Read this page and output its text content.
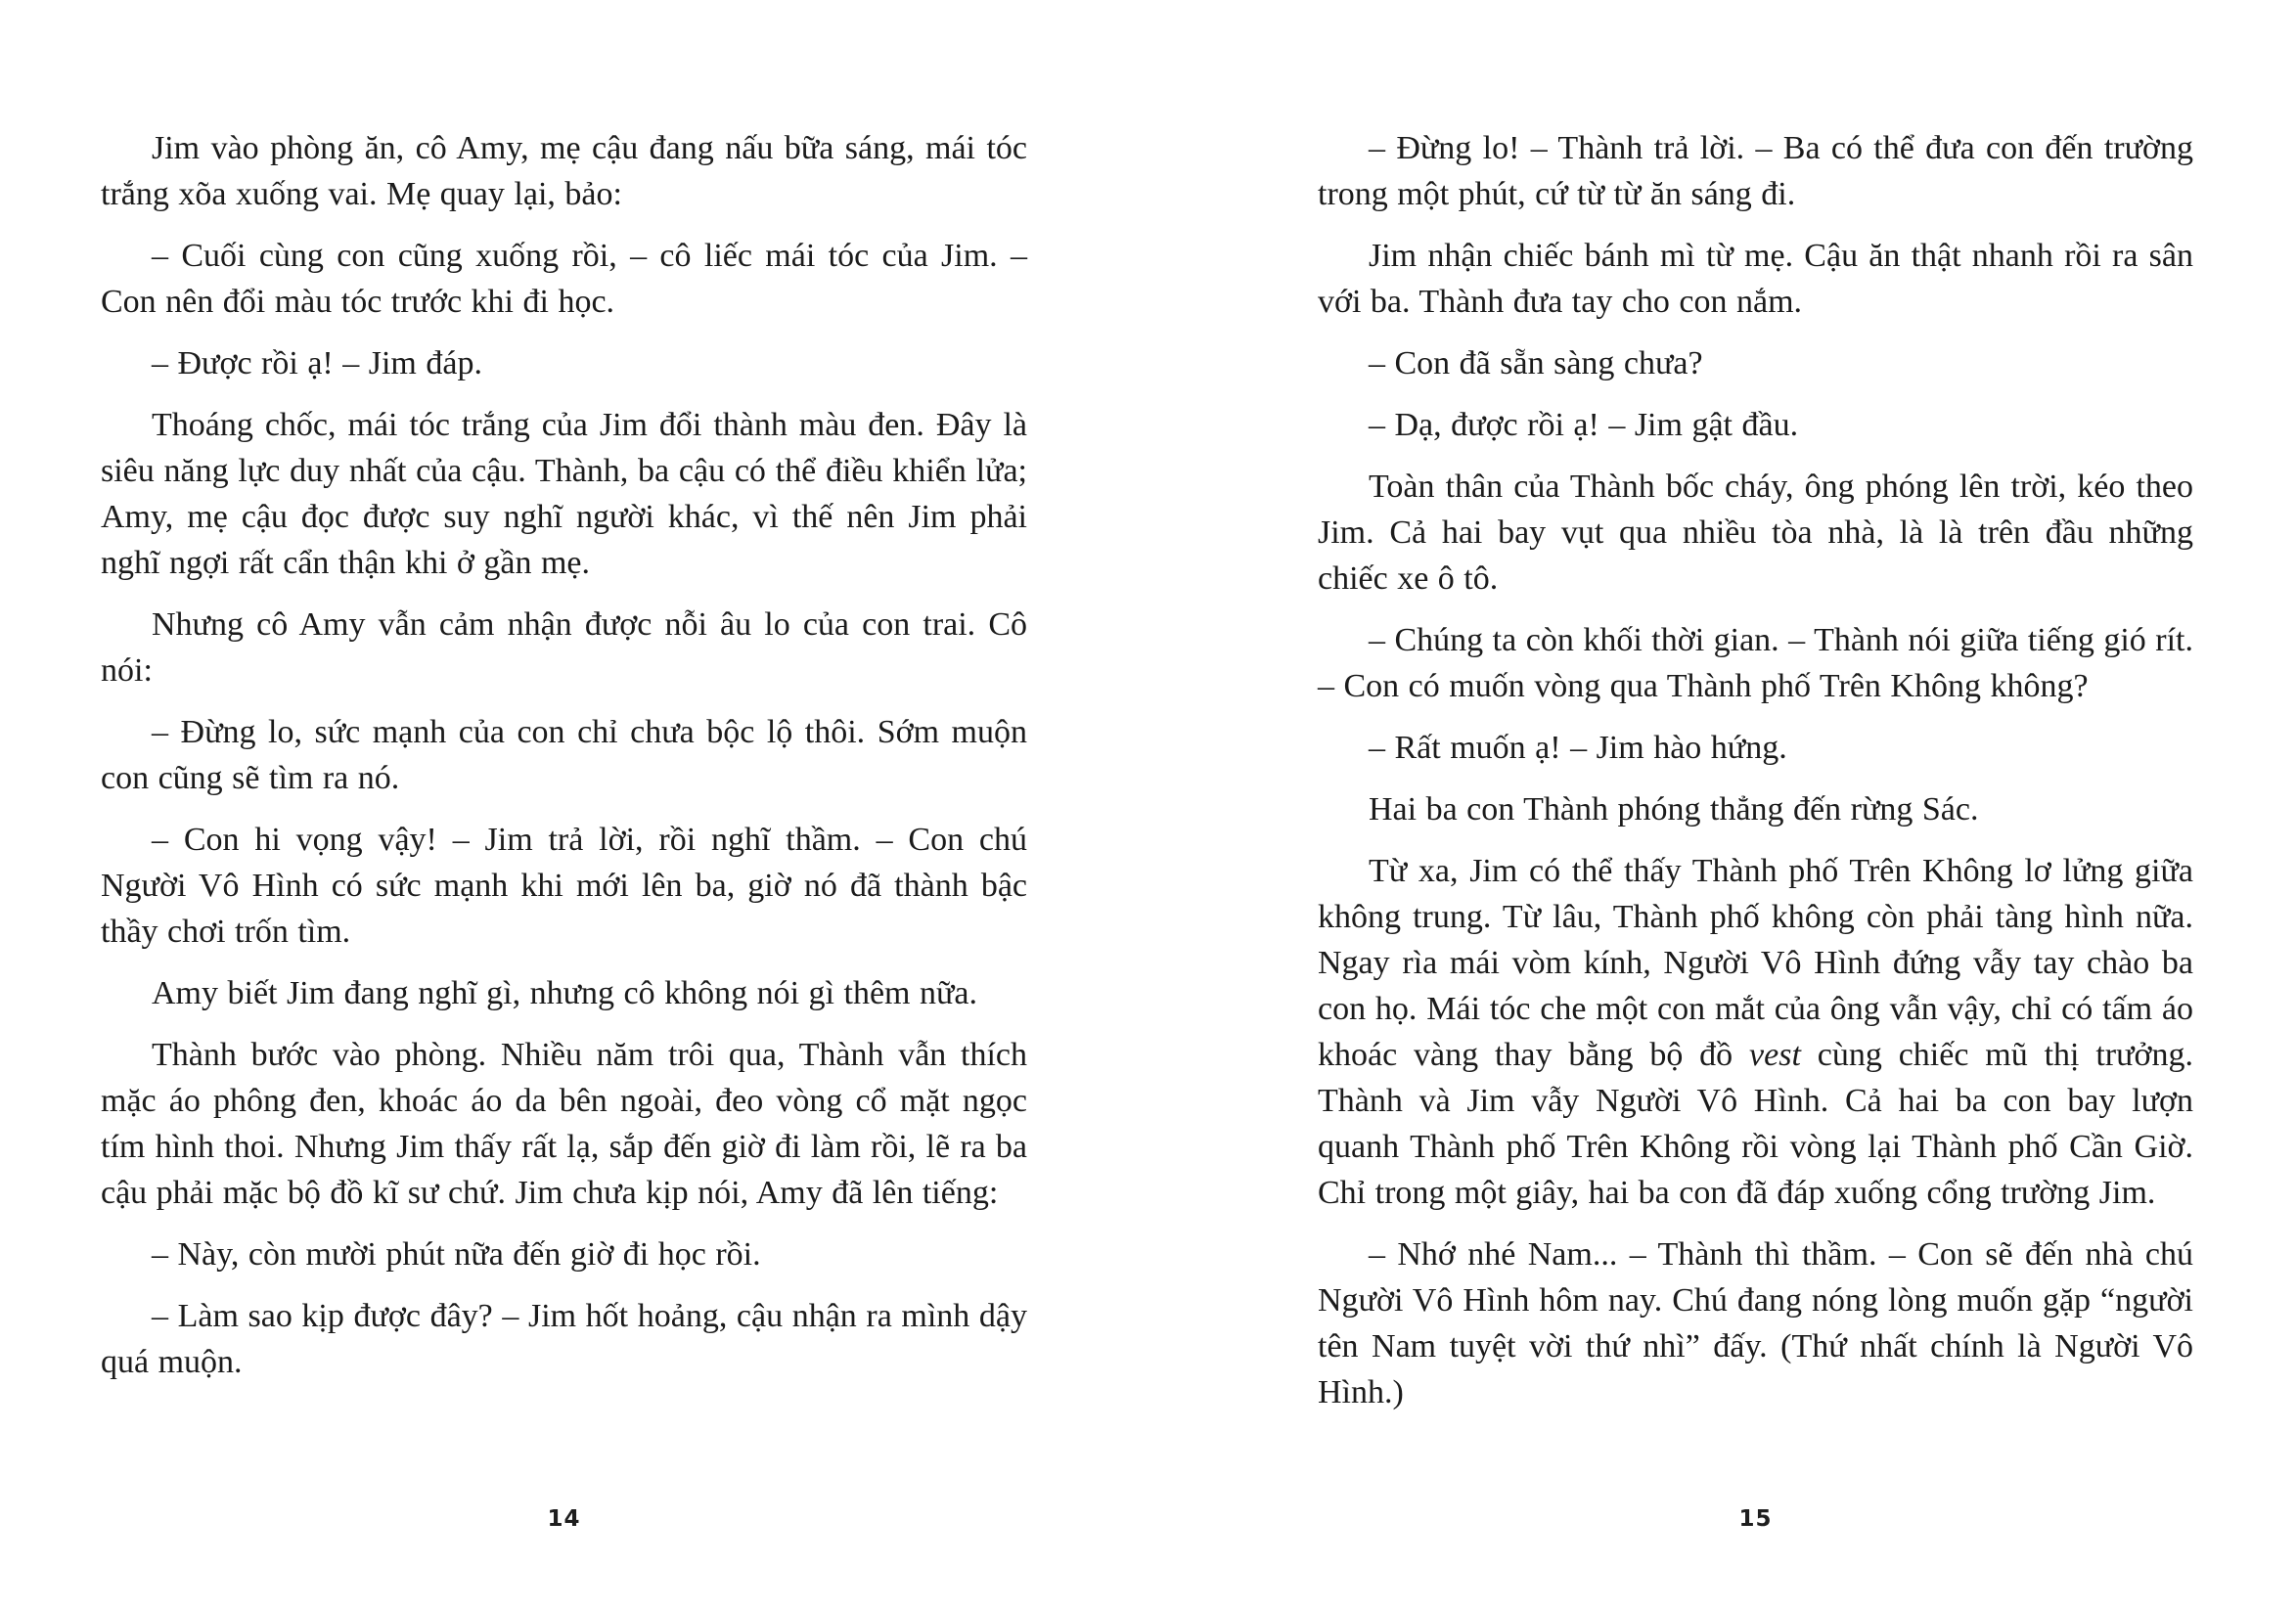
Jim vào phòng ăn, cô Amy, mẹ cậu đang nấu bữa sáng, mái tóc trắng xõa xuống vai. Mẹ quay lại, bảo:

– Cuối cùng con cũng xuống rồi, – cô liếc mái tóc của Jim. – Con nên đổi màu tóc trước khi đi học.

– Được rồi ạ! – Jim đáp.

Thoáng chốc, mái tóc trắng của Jim đổi thành màu đen. Đây là siêu năng lực duy nhất của cậu. Thành, ba cậu có thể điều khiển lửa; Amy, mẹ cậu đọc được suy nghĩ người khác, vì thế nên Jim phải nghĩ ngợi rất cẩn thận khi ở gần mẹ.

Nhưng cô Amy vẫn cảm nhận được nỗi âu lo của con trai. Cô nói:

– Đừng lo, sức mạnh của con chỉ chưa bộc lộ thôi. Sớm muộn con cũng sẽ tìm ra nó.

– Con hi vọng vậy! – Jim trả lời, rồi nghĩ thầm. – Con chú Người Vô Hình có sức mạnh khi mới lên ba, giờ nó đã thành bậc thầy chơi trốn tìm.

Amy biết Jim đang nghĩ gì, nhưng cô không nói gì thêm nữa.

Thành bước vào phòng. Nhiều năm trôi qua, Thành vẫn thích mặc áo phông đen, khoác áo da bên ngoài, đeo vòng cổ mặt ngọc tím hình thoi. Nhưng Jim thấy rất lạ, sắp đến giờ đi làm rồi, lẽ ra ba cậu phải mặc bộ đồ kĩ sư chứ. Jim chưa kịp nói, Amy đã lên tiếng:

– Này, còn mười phút nữa đến giờ đi học rồi.

– Làm sao kịp được đây? – Jim hốt hoảng, cậu nhận ra mình dậy quá muộn.

– Đừng lo! – Thành trả lời. – Ba có thể đưa con đến trường trong một phút, cứ từ từ ăn sáng đi.

Jim nhận chiếc bánh mì từ mẹ. Cậu ăn thật nhanh rồi ra sân với ba. Thành đưa tay cho con nắm.

– Con đã sẵn sàng chưa?

– Dạ, được rồi ạ! – Jim gật đầu.

Toàn thân của Thành bốc cháy, ông phóng lên trời, kéo theo Jim. Cả hai bay vụt qua nhiều tòa nhà, là là trên đầu những chiếc xe ô tô.

– Chúng ta còn khối thời gian. – Thành nói giữa tiếng gió rít. – Con có muốn vòng qua Thành phố Trên Không không?

– Rất muốn ạ! – Jim hào hứng.

Hai ba con Thành phóng thẳng đến rừng Sác.

Từ xa, Jim có thể thấy Thành phố Trên Không lơ lửng giữa không trung. Từ lâu, Thành phố không còn phải tàng hình nữa. Ngay rìa mái vòm kính, Người Vô Hình đứng vẫy tay chào ba con họ. Mái tóc che một con mắt của ông vẫn vậy, chỉ có tấm áo khoác vàng thay bằng bộ đồ vest cùng chiếc mũ thị trưởng. Thành và Jim vẫy Người Vô Hình. Cả hai ba con bay lượn quanh Thành phố Trên Không rồi vòng lại Thành phố Cần Giờ. Chỉ trong một giây, hai ba con đã đáp xuống cổng trường Jim.

– Nhớ nhé Nam... – Thành thì thầm. – Con sẽ đến nhà chú Người Vô Hình hôm nay. Chú đang nóng lòng muốn gặp “người tên Nam tuyệt vời thứ nhì” đấy. (Thứ nhất chính là Người Vô Hình.)

14	15
